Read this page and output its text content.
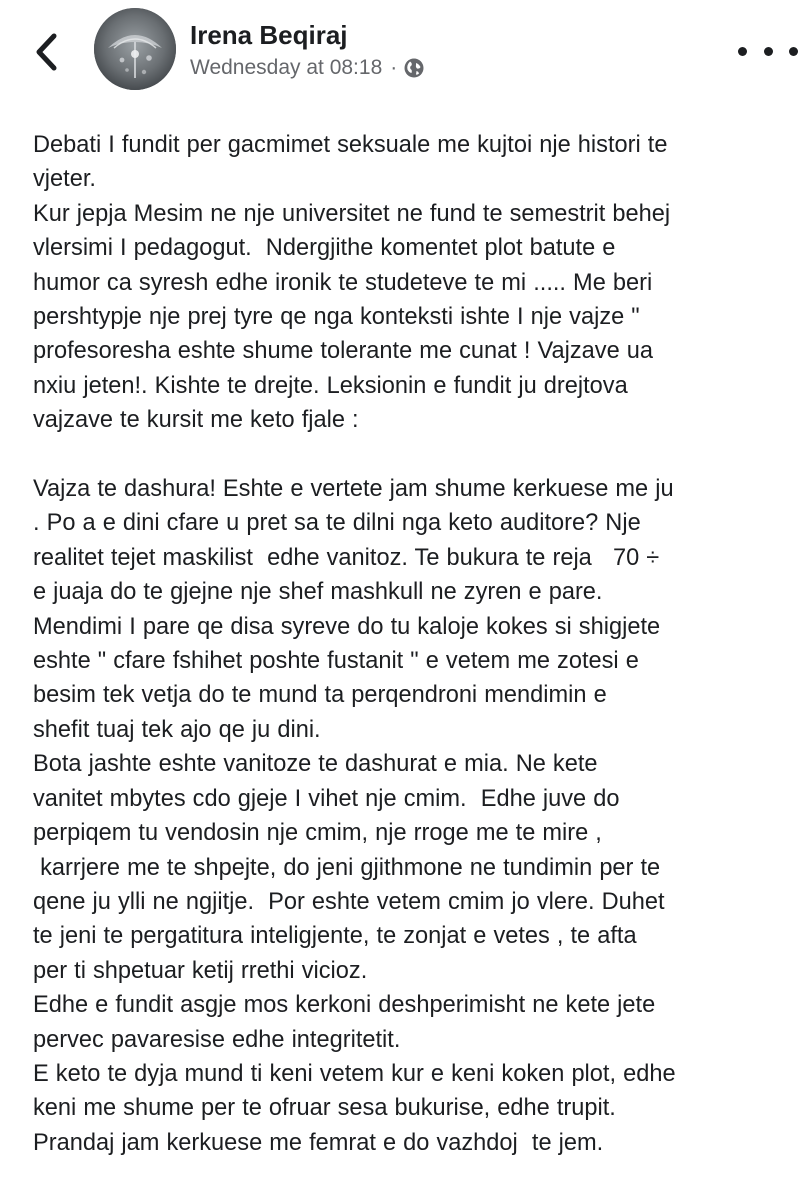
Irena Beqiraj
Wednesday at 08:18 ·

Debati I fundit per gacmimet seksuale me kujtoi nje histori te
vjeter.
Kur jepja Mesim ne nje universitet ne fund te semestrit behej
vlersimi I pedagogut.  Ndergjithe komentet plot batute e
humor ca syresh edhe ironik te studeteve te mi ..... Me beri
pershtypje nje prej tyre qe nga konteksti ishte I nje vajze "
profesoresha eshte shume tolerante me cunat ! Vajzave ua
nxiu jeten!. Kishte te drejte. Leksionin e fundit ju drejtova
vajzave te kursit me keto fjale :

Vajza te dashura! Eshte e vertete jam shume kerkuese me ju
. Po a e dini cfare u pret sa te dilni nga keto auditore? Nje
realitet tejet maskilist  edhe vanitoz. Te bukura te reja   70 ÷
e juaja do te gjejne nje shef mashkull ne zyren e pare.
Mendimi I pare qe disa syreve do tu kaloje kokes si shigjete
eshte " cfare fshihet poshte fustanit " e vetem me zotesi e
besim tek vetja do te mund ta perqendroni mendimin e
shefit tuaj tek ajo qe ju dini.
Bota jashte eshte vanitoze te dashurat e mia. Ne kete
vanitet mbytes cdo gjeje I vihet nje cmim.  Edhe juve do
perpiqem tu vendosin nje cmim, nje rroge me te mire ,
karrjere me te shpejte, do jeni gjithmone ne tundimin per te
qene ju ylli ne ngjitje.  Por eshte vetem cmim jo vlere. Duhet
te jeni te pergatitura inteligjente, te zonjat e vetes , te afta
per ti shpetuar ketij rrethi vicioz.
Edhe e fundit asgje mos kerkoni deshperimisht ne kete jete
pervec pavaresise edhe integritetit.
E keto te dyja mund ti keni vetem kur e keni koken plot, edhe
keni me shume per te ofruar sesa bukurise, edhe trupit.
Prandaj jam kerkuese me femrat e do vazhdoj  te jem.
